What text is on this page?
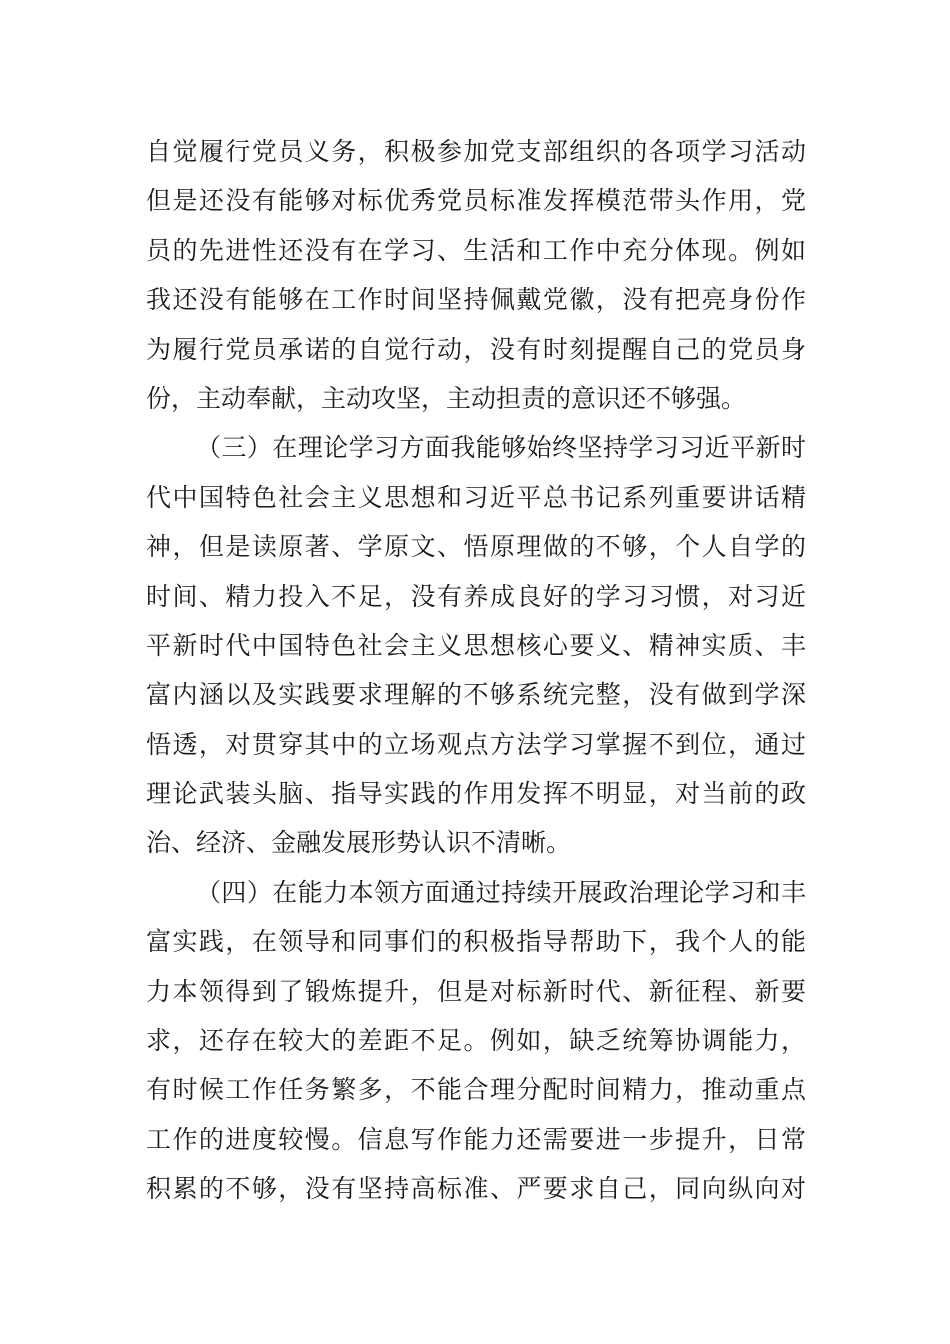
自觉履行党员义务，积极参加党支部组织的各项学习活动
但是还没有能够对标优秀党员标准发挥模范带头作用，党
员的先进性还没有在学习、生活和工作中充分体现。例如
我还没有能够在工作时间坚持佩戴党徽，没有把亮身份作
为履行党员承诺的自觉行动，没有时刻提醒自己的党员身
份，主动奉献，主动攻坚，主动担责的意识还不够强。
（三）在理论学习方面我能够始终坚持学习习近平新时
代中国特色社会主义思想和习近平总书记系列重要讲话精
神，但是读原著、学原文、悟原理做的不够，个人自学的
时间、精力投入不足，没有养成良好的学习习惯，对习近
平新时代中国特色社会主义思想核心要义、精神实质、丰
富内涵以及实践要求理解的不够系统完整，没有做到学深
悟透，对贯穿其中的立场观点方法学习掌握不到位，通过
理论武装头脑、指导实践的作用发挥不明显，对当前的政
治、经济、金融发展形势认识不清晰。
（四）在能力本领方面通过持续开展政治理论学习和丰
富实践，在领导和同事们的积极指导帮助下，我个人的能
力本领得到了锻炼提升，但是对标新时代、新征程、新要
求，还存在较大的差距不足。例如，缺乏统筹协调能力，
有时候工作任务繁多，不能合理分配时间精力，推动重点
工作的进度较慢。信息写作能力还需要进一步提升，日常
积累的不够，没有坚持高标准、严要求自己，同向纵向对
